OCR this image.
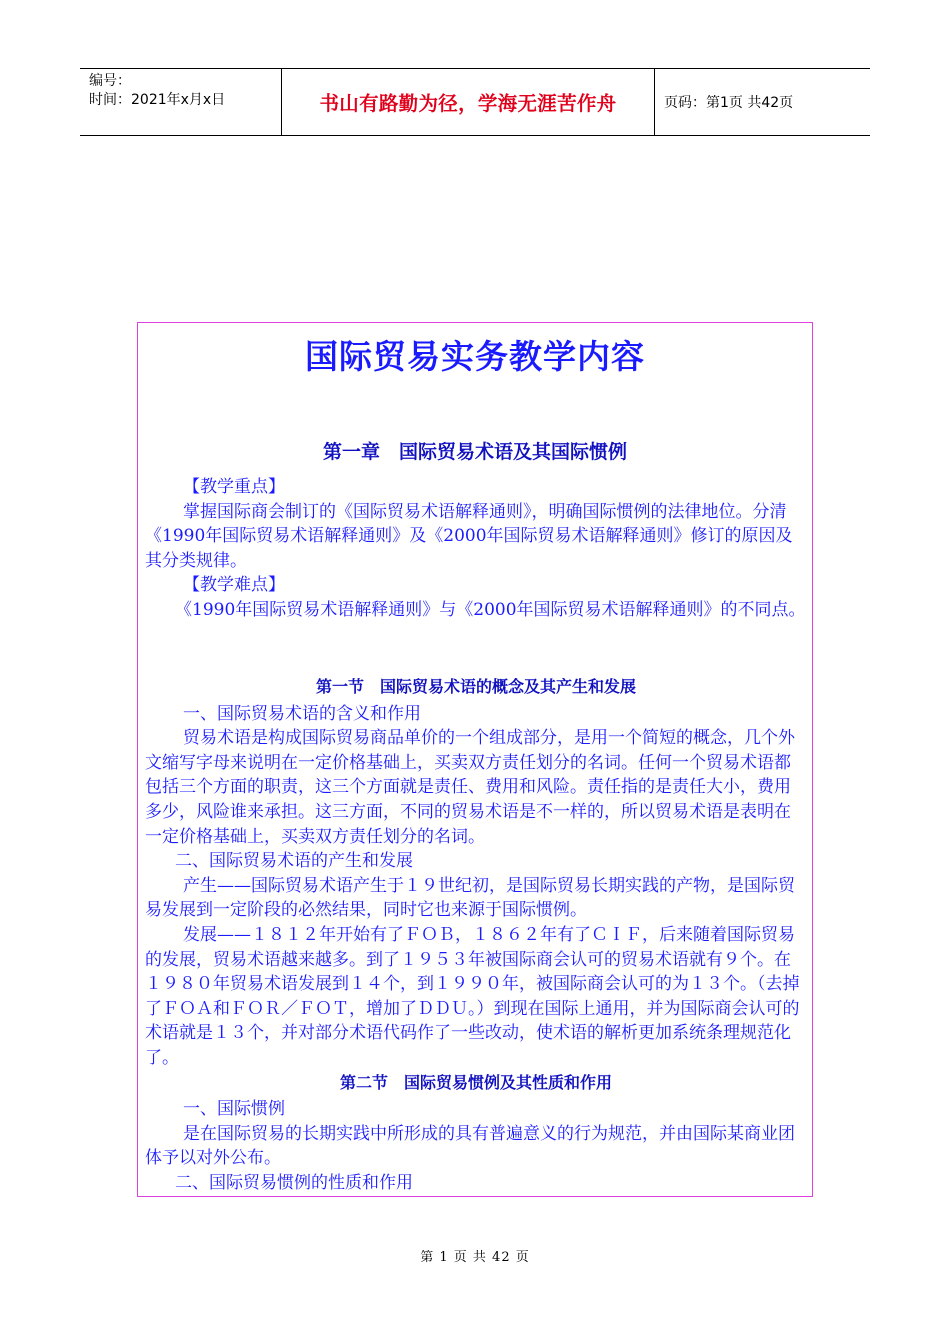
编号：
时间：2021年x月x日	书山有路勤为径，学海无涯苦作舟	页码：第1页 共42页
国际贸易实务教学内容
第一章　国际贸易术语及其国际惯例

【教学重点】

掌握国际商会制订的《国际贸易术语解释通则》，明确国际惯例的法律地位。分清《1990年国际贸易术语解释通则》及《2000年国际贸易术语解释通则》修订的原因及其分类规律。

【教学难点】

《1990年国际贸易术语解释通则》与《2000年国际贸易术语解释通则》的不同点。

第一节　国际贸易术语的概念及其产生和发展

一、国际贸易术语的含义和作用

贸易术语是构成国际贸易商品单价的一个组成部分，是用一个简短的概念，几个外文缩写字母来说明在一定价格基础上，买卖双方责任划分的名词。任何一个贸易术语都包括三个方面的职责，这三个方面就是责任、费用和风险。责任指的是责任大小，费用多少，风险谁来承担。这三方面，不同的贸易术语是不一样的，所以贸易术语是表明在一定价格基础上，买卖双方责任划分的名词。

二、国际贸易术语的产生和发展

产生——国际贸易术语产生于１９世纪初，是国际贸易长期实践的产物，是国际贸易发展到一定阶段的必然结果，同时它也来源于国际惯例。

发展——１８１２年开始有了ＦＯＢ，１８６２年有了ＣＩＦ，后来随着国际贸易的发展，贸易术语越来越多。到了１９５３年被国际商会认可的贸易术语就有９个。在１９８０年贸易术语发展到１４个，到１９９０年，被国际商会认可的为１３个。（去掉了ＦＯＡ和ＦＯＲ／ＦＯＴ，增加了ＤＤＵ。）到现在国际上通用，并为国际商会认可的术语就是１３个，并对部分术语代码作了一些改动，使术语的解析更加系统条理规范化了。

第二节　国际贸易惯例及其性质和作用

一、国际惯例

是在国际贸易的长期实践中所形成的具有普遍意义的行为规范，并由国际某商业团体予以对外公布。

二、国际贸易惯例的性质和作用

第 1 页 共 42 页
